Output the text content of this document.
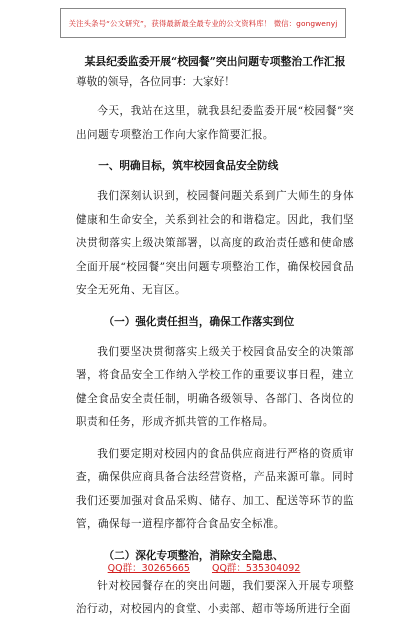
关注头条号“公文研究”，获得最新最全最专业的公文资料库！ 微信：gongwenyj

某县纪委监委开展“校园餐”突出问题专项整治工作汇报

尊敬的领导，各位同事：大家好！

今天，我站在这里，就我县纪委监委开展“校园餐”突出问题专项整治工作向大家作简要汇报。

一、明确目标，筑牢校园食品安全防线

我们深刻认识到，校园餐问题关系到广大师生的身体健康和生命安全，关系到社会的和谐稳定。因此，我们坚决贯彻落实上级决策部署，以高度的政治责任感和使命感全面开展“校园餐”突出问题专项整治工作，确保校园食品安全无死角、无盲区。

（一）强化责任担当，确保工作落实到位

我们要坚决贯彻落实上级关于校园食品安全的决策部署，将食品安全工作纳入学校工作的重要议事日程，建立健全食品安全责任制，明确各级领导、各部门、各岗位的职责和任务，形成齐抓共管的工作格局。

我们要定期对校园内的食品供应商进行严格的资质审查，确保供应商具备合法经营资格，产品来源可靠。同时我们还要加强对食品采购、储存、加工、配送等环节的监管，确保每一道程序都符合食品安全标准。

（二）深化专项整治，消除安全隐患、

针对校园餐存在的突出问题，我们要深入开展专项整治行动，对校园内的食堂、小卖部、超市等场所进行全面

QQ群：30265665 QQ群：535304092
